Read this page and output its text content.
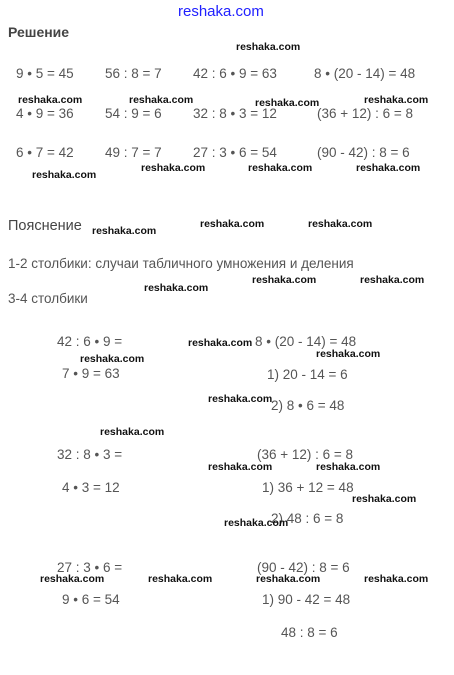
reshaka.com
Решение
9 • 5 = 45 56 : 8 = 7 42 : 6 • 9 = 63	8 • (20 - 14) = 48
4 • 9 = 36 54 : 9 = 6 32 : 8 • 3 = 12	(36 + 12) : 6 = 8
6 • 7 = 42 49 : 7 = 7 27 : 3 • 6 = 54	(90 - 42) : 8 = 6
Пояснение
1-2 столбики: случаи табличного умножения и деления
3-4 столбики
42 : 6 • 9 =
7 • 9 = 63
8 • (20 - 14) = 48
1) 20 - 14 = 6
2) 8 • 6 = 48
32 : 8 • 3 =
4 • 3 = 12
(36 + 12) : 6 = 8
1) 36 + 12 = 48
2) 48 : 6 = 8
27 : 3 • 6 =
9 • 6 = 54
(90 - 42) : 8 = 6
1) 90 - 42 = 48
48 : 8 = 6
reshaka.com
reshaka.com	reshaka.com	reshaka.com	reshaka.com
reshaka.com
reshaka.com	reshaka.com	reshaka.com
reshaka.com
reshaka.com	reshaka.com
reshaka.com	reshaka.com
reshaka.com
reshaka.com
reshaka.com	reshaka.com
reshaka.com
reshaka.com
reshaka.com	reshaka.com
reshaka.com
reshaka.com
reshaka.com	reshaka.com	reshaka.com	reshaka.com
